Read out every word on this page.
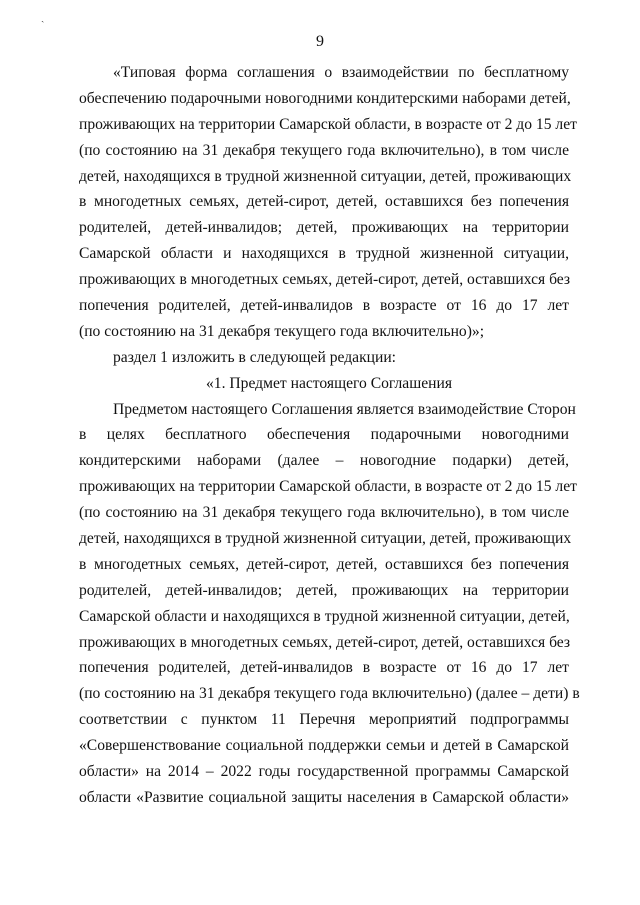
ˎ
9
«Типовая форма соглашения о взаимодействии по бесплатному
обеспечению подарочными новогодними кондитерскими наборами детей,
проживающих на территории Самарской области, в возрасте от 2 до 15 лет
(по состоянию на 31 декабря текущего года включительно), в том числе
детей, находящихся в трудной жизненной ситуации, детей, проживающих
в многодетных семьях, детей-сирот, детей, оставшихся без попечения
родителей, детей-инвалидов; детей, проживающих на территории
Самарской области и находящихся в трудной жизненной ситуации,
проживающих в многодетных семьях, детей-сирот, детей, оставшихся без
попечения родителей, детей-инвалидов в возрасте от 16 до 17 лет
(по состоянию на 31 декабря текущего года включительно)»;
раздел 1 изложить в следующей редакции:
«1. Предмет настоящего Соглашения
Предметом настоящего Соглашения является взаимодействие Сторон
в целях бесплатного обеспечения подарочными новогодними
кондитерскими наборами (далее – новогодние подарки) детей,
проживающих на территории Самарской области, в возрасте от 2 до 15 лет
(по состоянию на 31 декабря текущего года включительно), в том числе
детей, находящихся в трудной жизненной ситуации, детей, проживающих
в многодетных семьях, детей-сирот, детей, оставшихся без попечения
родителей, детей-инвалидов; детей, проживающих на территории
Самарской области и находящихся в трудной жизненной ситуации, детей,
проживающих в многодетных семьях, детей-сирот, детей, оставшихся без
попечения родителей, детей-инвалидов в возрасте от 16 до 17 лет
(по состоянию на 31 декабря текущего года включительно) (далее – дети) в
соответствии с пунктом 11 Перечня мероприятий подпрограммы
«Совершенствование социальной поддержки семьи и детей в Самарской
области» на 2014 – 2022 годы государственной программы Самарской
области «Развитие социальной защиты населения в Самарской области»
